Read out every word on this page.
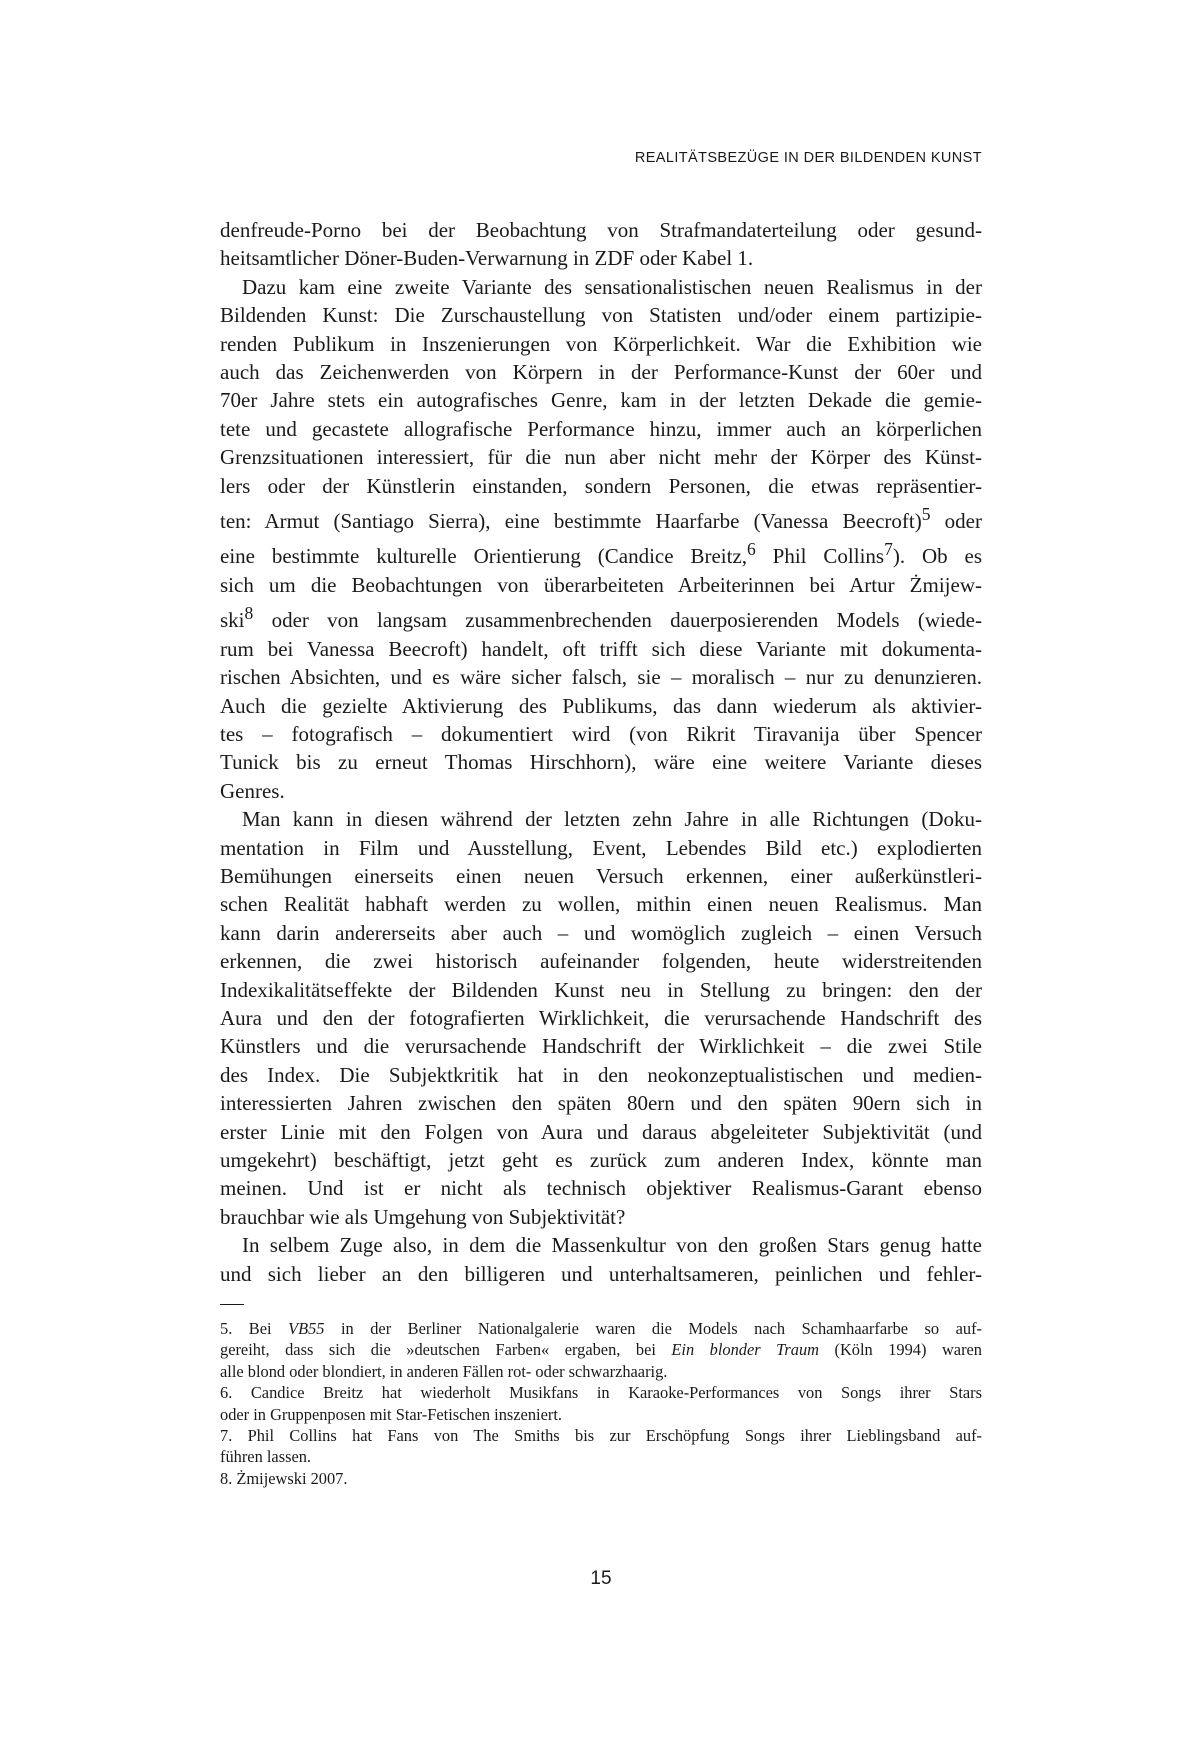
REALITÄTSBEZÜGE IN DER BILDENDEN KUNST

denfreude-Porno bei der Beobachtung von Strafmandaterteilung oder gesund-
heitsamtlicher Döner-Buden-Verwarnung in ZDF oder Kabel 1.

Dazu kam eine zweite Variante des sensationalistischen neuen Realismus in der
Bildenden Kunst: Die Zurschaustellung von Statisten und/oder einem partizipie-
renden Publikum in Inszenierungen von Körperlichkeit. War die Exhibition wie
auch das Zeichenwerden von Körpern in der Performance-Kunst der 60er und
70er Jahre stets ein autografisches Genre, kam in der letzten Dekade die gemie-
tete und gecastete allografische Performance hinzu, immer auch an körperlichen
Grenzsituationen interessiert, für die nun aber nicht mehr der Körper des Künst-
lers oder der Künstlerin einstanden, sondern Personen, die etwas repräsentier-
ten: Armut (Santiago Sierra), eine bestimmte Haarfarbe (Vanessa Beecroft)$^5$ oder
eine bestimmte kulturelle Orientierung (Candice Breitz,$^6$ Phil Collins$^7$). Ob es
sich um die Beobachtungen von überarbeiteten Arbeiterinnen bei Artur Żmijew-
ski$^8$ oder von langsam zusammenbrechenden dauerposierenden Models (wiede-
rum bei Vanessa Beecroft) handelt, oft trifft sich diese Variante mit dokumenta-
rischen Absichten, und es wäre sicher falsch, sie – moralisch – nur zu denunzieren.
Auch die gezielte Aktivierung des Publikums, das dann wiederum als aktivier-
tes – fotografisch – dokumentiert wird (von Rikrit Tiravanija über Spencer
Tunick bis zu erneut Thomas Hirschhorn), wäre eine weitere Variante dieses
Genres.

Man kann in diesen während der letzten zehn Jahre in alle Richtungen (Doku-
mentation in Film und Ausstellung, Event, Lebendes Bild etc.) explodierten
Bemühungen einerseits einen neuen Versuch erkennen, einer außerkünstleri-
schen Realität habhaft werden zu wollen, mithin einen neuen Realismus. Man
kann darin andererseits aber auch – und womöglich zugleich – einen Versuch
erkennen, die zwei historisch aufeinander folgenden, heute widerstreitenden
Indexikalitätseffekte der Bildenden Kunst neu in Stellung zu bringen: den der
Aura und den der fotografierten Wirklichkeit, die verursachende Handschrift des
Künstlers und die verursachende Handschrift der Wirklichkeit – die zwei Stile
des Index. Die Subjektkritik hat in den neokonzeptualistischen und medien-
interessierten Jahren zwischen den späten 80ern und den späten 90ern sich in
erster Linie mit den Folgen von Aura und daraus abgeleiteter Subjektivität (und
umgekehrt) beschäftigt, jetzt geht es zurück zum anderen Index, könnte man
meinen. Und ist er nicht als technisch objektiver Realismus-Garant ebenso
brauchbar wie als Umgehung von Subjektivität?

In selbem Zuge also, in dem die Massenkultur von den großen Stars genug hatte
und sich lieber an den billigeren und unterhaltsameren, peinlichen und fehler-

5. Bei VB55 in der Berliner Nationalgalerie waren die Models nach Schamhaarfarbe so auf-
gereiht, dass sich die »deutschen Farben« ergaben, bei Ein blonder Traum (Köln 1994) waren
alle blond oder blondiert, in anderen Fällen rot- oder schwarzhaarig.

6. Candice Breitz hat wiederholt Musikfans in Karaoke-Performances von Songs ihrer Stars
oder in Gruppenposen mit Star-Fetischen inszeniert.

7. Phil Collins hat Fans von The Smiths bis zur Erschöpfung Songs ihrer Lieblingsband auf-
führen lassen.

8. Żmijewski 2007.

15
